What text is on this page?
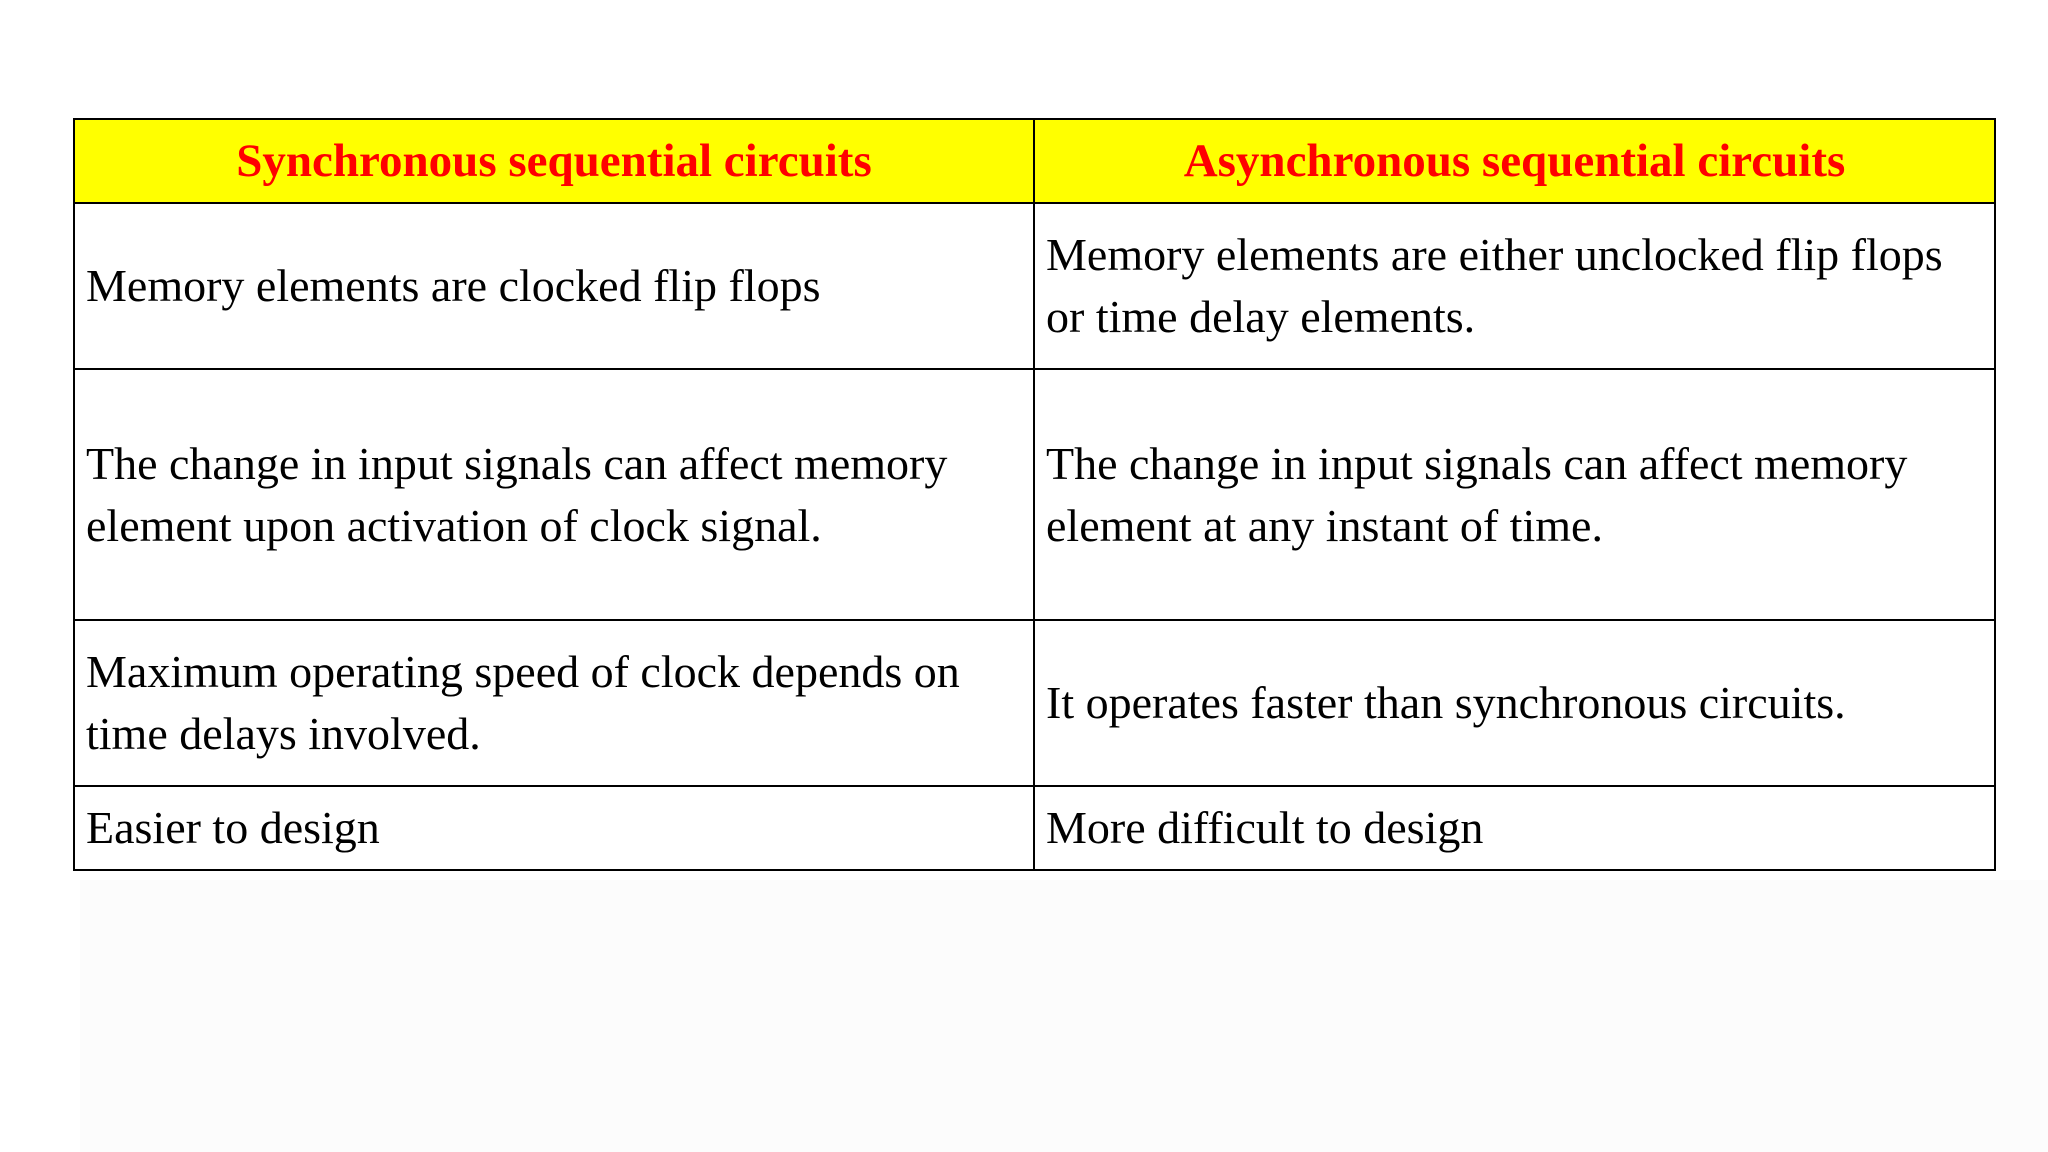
Synchronous sequential circuits	Asynchronous sequential circuits

Memory elements are clocked flip flops	Memory elements are either unclocked flip flops or time delay elements.

The change in input signals can affect memory element upon activation of clock signal.	The change in input signals can affect memory element at any instant of time.

Maximum operating speed of clock depends on time delays involved.	It operates faster than synchronous circuits.

Easier to design	More difficult to design
